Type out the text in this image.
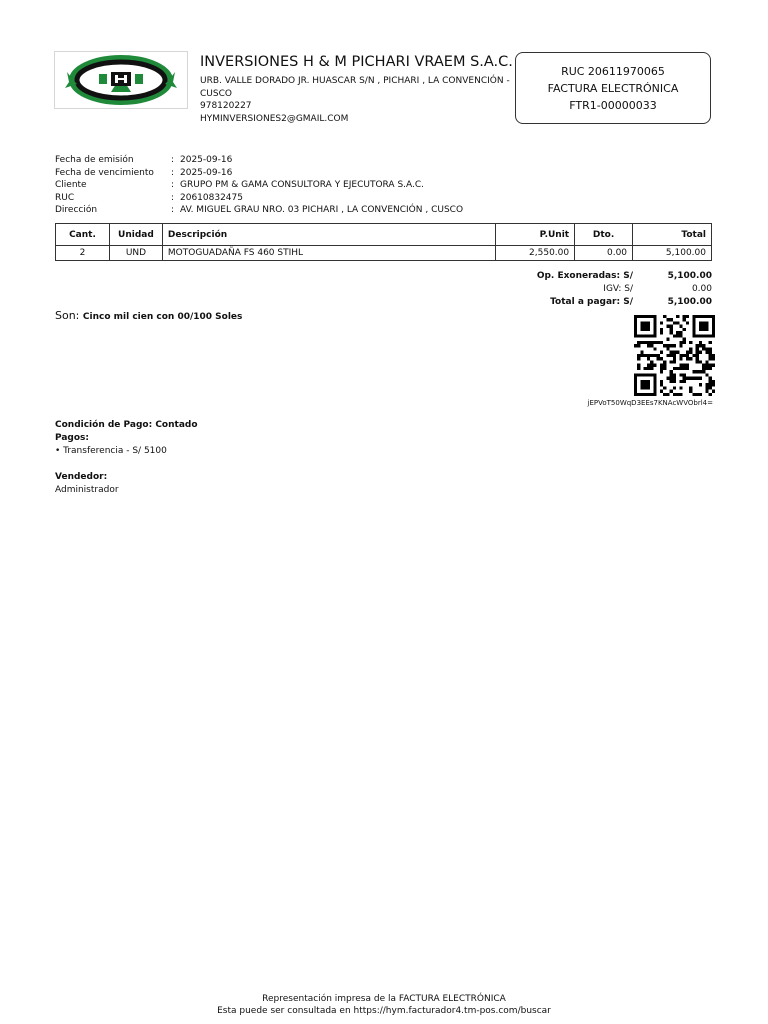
INVERSIONES H & M PICHARI VRAEM S.A.C.
URB. VALLE DORADO JR. HUASCAR S/N , PICHARI , LA CONVENCIÓN -
CUSCO
978120227
HYMINVERSIONES2@GMAIL.COM
RUC 20611970065
FACTURA ELECTRÓNICA
FTR1-00000033
Fecha de emisión	: 2025-09-16
Fecha de vencimiento	: 2025-09-16
Cliente	: GRUPO PM & GAMA CONSULTORA Y EJECUTORA S.A.C.
RUC	: 20610832475
Dirección	: AV. MIGUEL GRAU NRO. 03 PICHARI , LA CONVENCIÓN , CUSCO
Cant.	Unidad	Descripción	P.Unit	Dto.	Total
2	UND	MOTOGUADAÑA FS 460 STIHL	2,550.00	0.00	5,100.00
Op. Exoneradas: S/	5,100.00
IGV: S/	0.00
Total a pagar: S/	5,100.00
Son: Cinco mil cien con 00/100 Soles
jEPVoT50WqD3EEs7KNAcWVObrl4=
Condición de Pago: Contado
Pagos:
• Transferencia - S/ 5100
Vendedor:
Administrador
Representación impresa de la FACTURA ELECTRÓNICA
Esta puede ser consultada en https://hym.facturador4.tm-pos.com/buscar
